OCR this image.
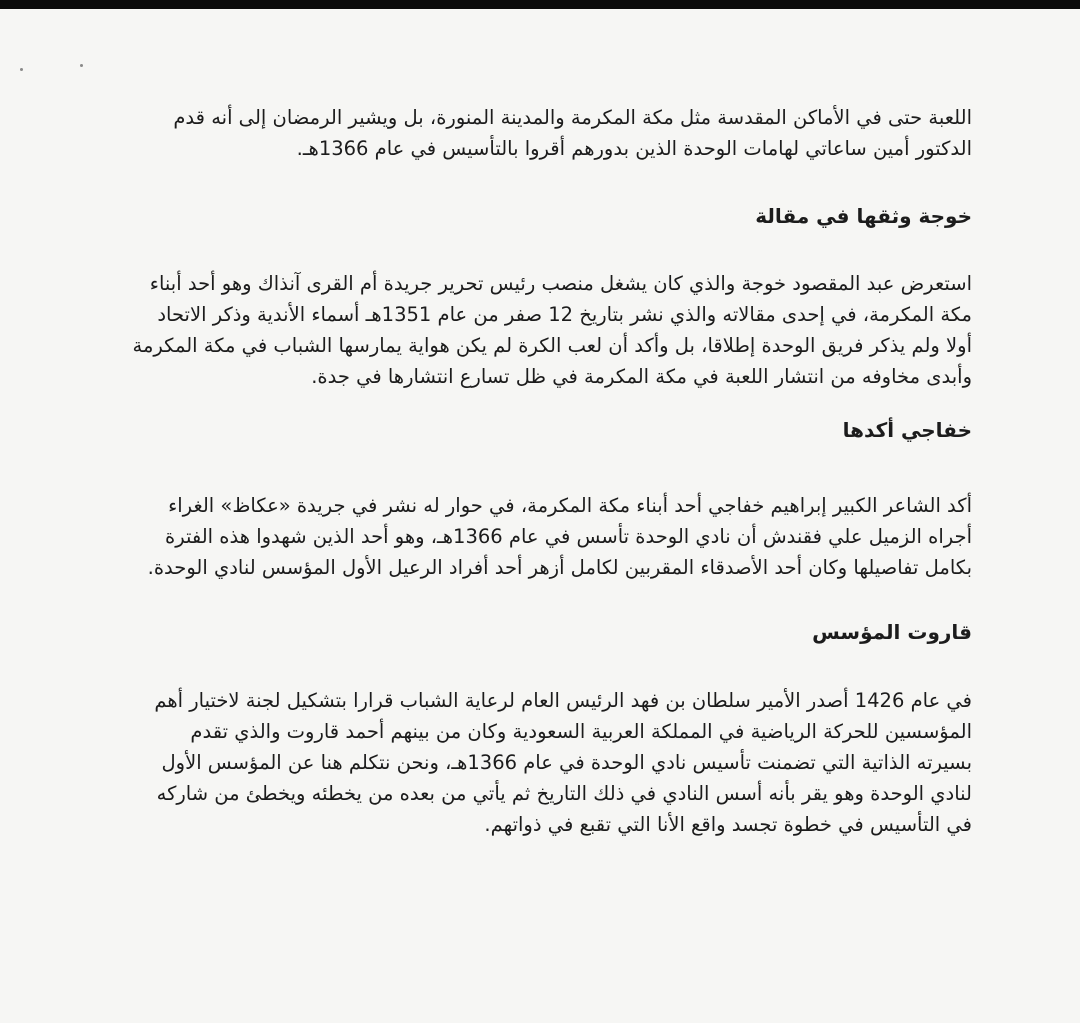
اللعبة حتى في الأماكن المقدسة مثل مكة المكرمة والمدينة المنورة، بل ويشير الرمضان إلى أنه قدم الدكتور أمين ساعاتي لهامات الوحدة الذين بدورهم أقروا بالتأسيس في عام 1366هـ.

خوجة وثقها في مقالة

استعرض عبد المقصود خوجة والذي كان يشغل منصب رئيس تحرير جريدة أم القرى آنذاك وهو أحد أبناء مكة المكرمة، في إحدى مقالاته والذي نشر بتاريخ 12 صفر من عام 1351هـ أسماء الأندية وذكر الاتحاد أولا ولم يذكر فريق الوحدة إطلاقا، بل وأكد أن لعب الكرة لم يكن هواية يمارسها الشباب في مكة المكرمة وأبدى مخاوفه من انتشار اللعبة في مكة المكرمة في ظل تسارع انتشارها في جدة.

خفاجي أكدها

أكد الشاعر الكبير إبراهيم خفاجي أحد أبناء مكة المكرمة، في حوار له نشر في جريدة «عكاظ» الغراء أجراه الزميل علي فقندش أن نادي الوحدة تأسس في عام 1366هـ، وهو أحد الذين شهدوا هذه الفترة بكامل تفاصيلها وكان أحد الأصدقاء المقربين لكامل أزهر أحد أفراد الرعيل الأول المؤسس لنادي الوحدة.

قاروت المؤسس

في عام 1426 أصدر الأمير سلطان بن فهد الرئيس العام لرعاية الشباب قرارا بتشكيل لجنة لاختيار أهم المؤسسين للحركة الرياضية في المملكة العربية السعودية وكان من بينهم أحمد قاروت والذي تقدم بسيرته الذاتية التي تضمنت تأسيس نادي الوحدة في عام 1366هـ، ونحن نتكلم هنا عن المؤسس الأول لنادي الوحدة وهو يقر بأنه أسس النادي في ذلك التاريخ ثم يأتي من بعده من يخطئه ويخطئ من شاركه في التأسيس في خطوة تجسد واقع الأنا التي تقبع في ذواتهم.
